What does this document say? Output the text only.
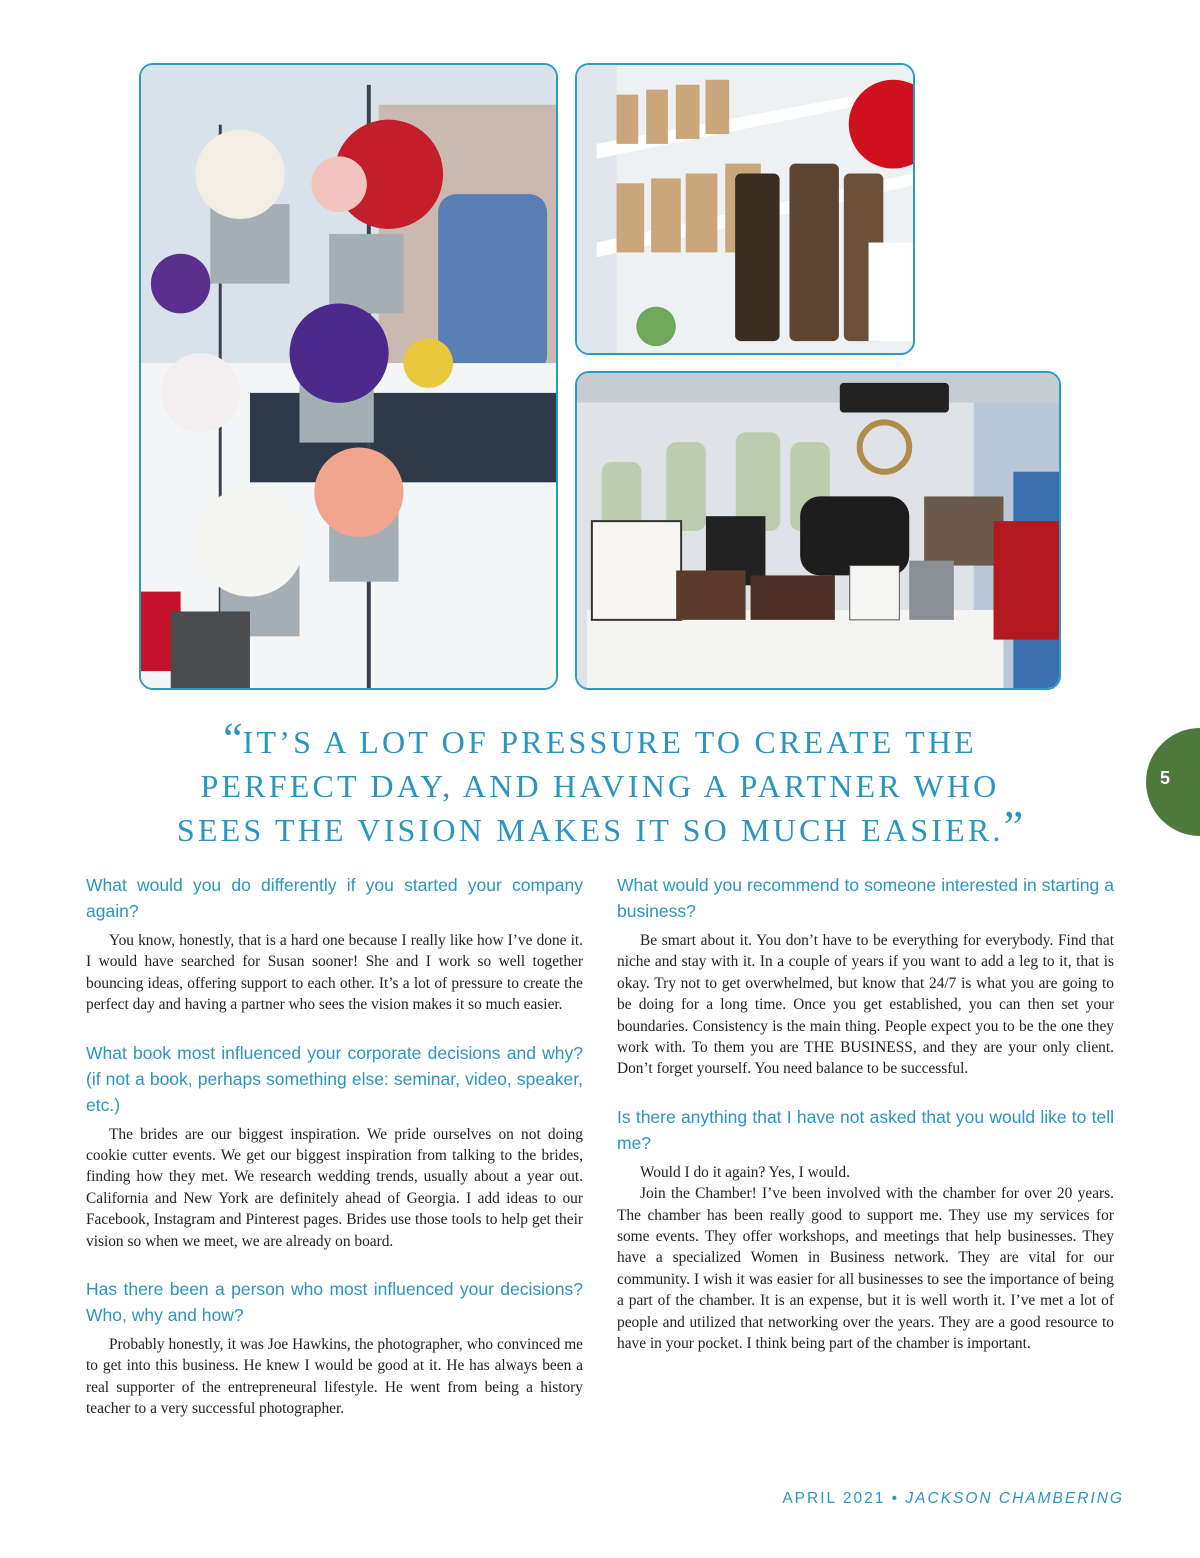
“IT’S A LOT OF PRESSURE TO CREATE THE
PERFECT DAY, AND HAVING A PARTNER WHO
SEES THE VISION MAKES IT SO MUCH EASIER.”
5

What would you do differently if you started your company again?

You know, honestly, that is a hard one because I really like how I’ve done it. I would have searched for Susan sooner! She and I work so well together bouncing ideas, offering support to each other. It’s a lot of pressure to create the perfect day and having a partner who sees the vision makes it so much easier.

What book most influenced your corporate decisions and why? (if not a book, perhaps something else: seminar, video, speaker, etc.)

The brides are our biggest inspiration. We pride ourselves on not doing cookie cutter events. We get our biggest inspiration from talking to the brides, finding how they met. We research wedding trends, usually about a year out. California and New York are definitely ahead of Georgia. I add ideas to our Facebook, Instagram and Pinterest pages. Brides use those tools to help get their vision so when we meet, we are already on board.

Has there been a person who most influenced your decisions? Who, why and how?

Probably honestly, it was Joe Hawkins, the photographer, who convinced me to get into this business. He knew I would be good at it. He has always been a real supporter of the entrepreneural lifestyle. He went from being a history teacher to a very successful photographer.

What would you recommend to someone interested in starting a business?

Be smart about it. You don’t have to be everything for everybody. Find that niche and stay with it. In a couple of years if you want to add a leg to it, that is okay. Try not to get overwhelmed, but know that 24/7 is what you are going to be doing for a long time. Once you get established, you can then set your boundaries. Consistency is the main thing. People expect you to be the one they work with. To them you are THE BUSINESS, and they are your only client. Don’t forget yourself. You need balance to be successful.

Is there anything that I have not asked that you would like to tell me?

Would I do it again? Yes, I would.

Join the Chamber! I’ve been involved with the chamber for over 20 years. The chamber has been really good to support me. They use my services for some events. They offer workshops, and meetings that help businesses. They have a specialized Women in Business network. They are vital for our community. I wish it was easier for all businesses to see the importance of being a part of the chamber. It is an expense, but it is well worth it. I’ve met a lot of people and utilized that networking over the years. They are a good resource to have in your pocket. I think being part of the chamber is important.

APRIL 2021 • JACKSON CHAMBERING
